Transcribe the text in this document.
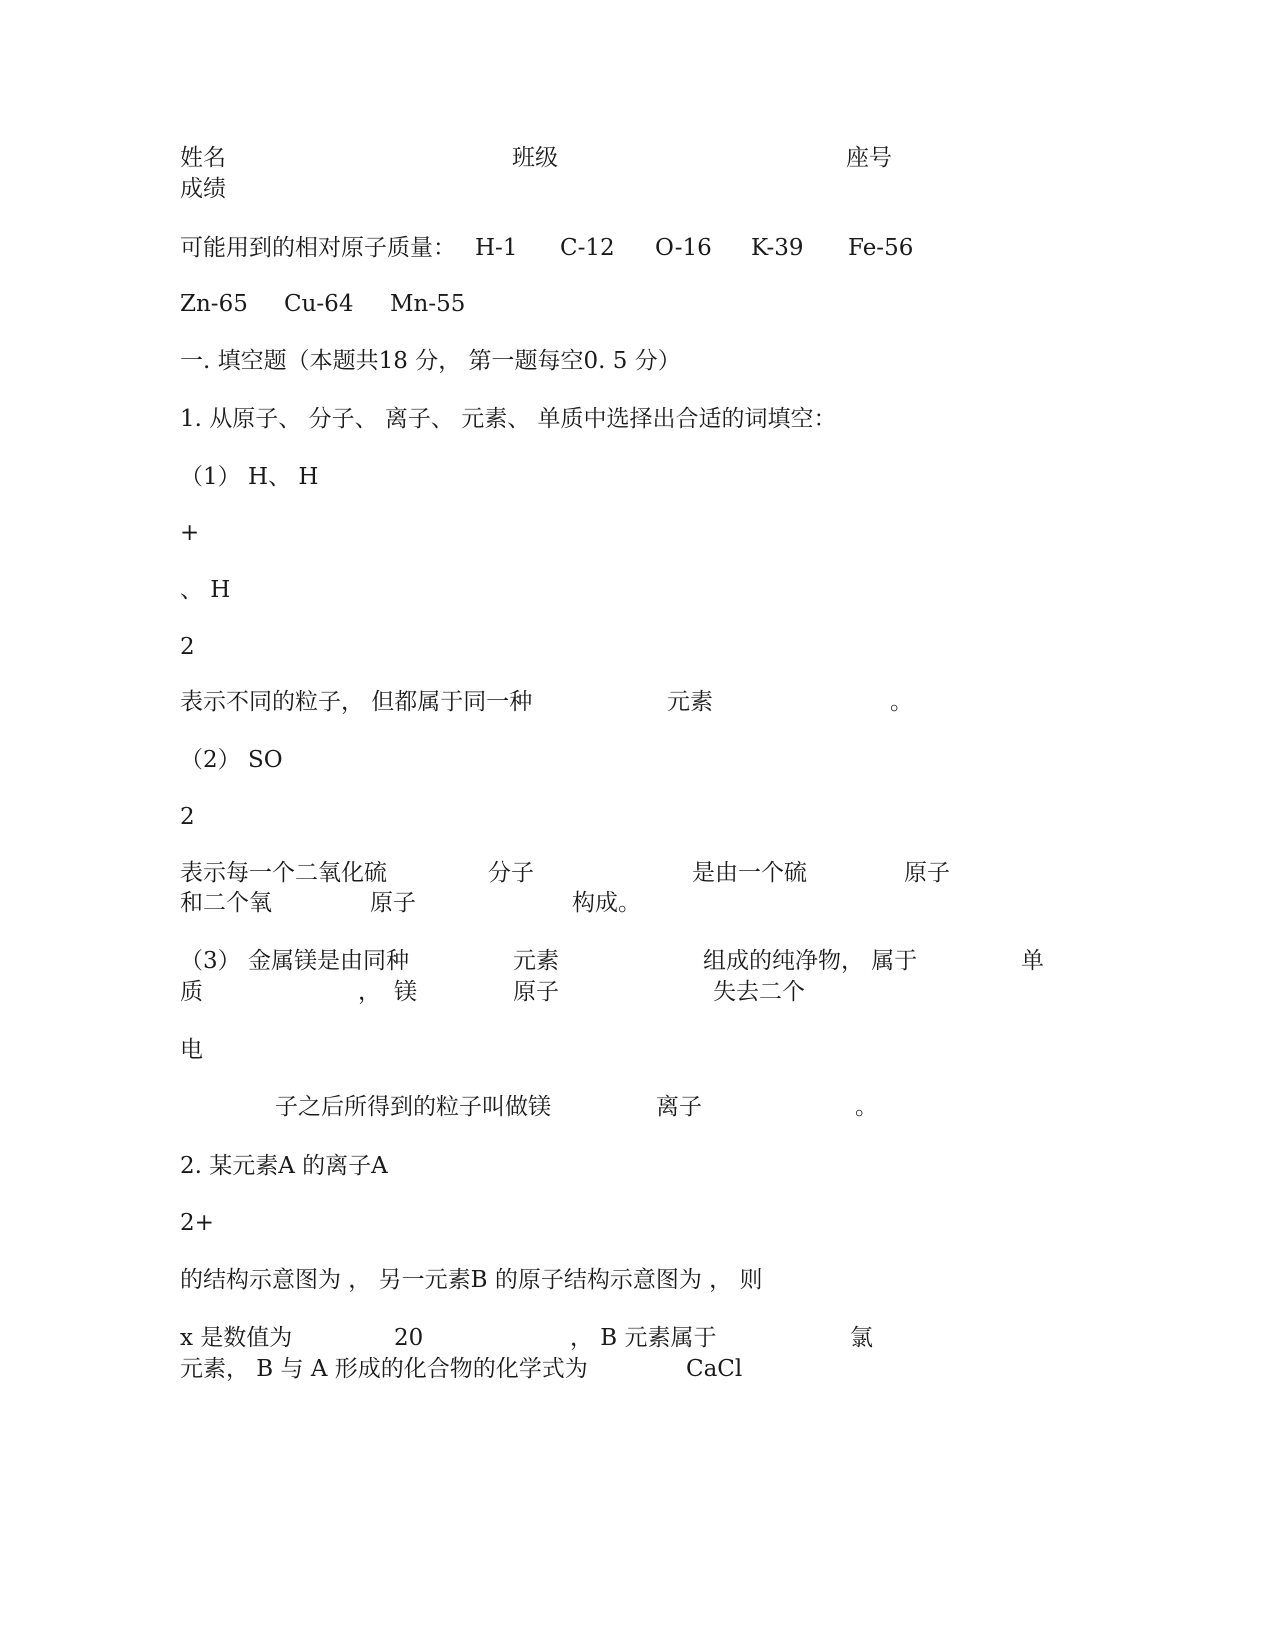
姓名	班级	座号
成绩
可能用到的相对原子质量： H-1 C-12 O-16 K-39 Fe-56
Zn-65 Cu-64 Mn-55
一. 填空题（本题共18 分， 第一题每空0. 5 分）
1. 从原子、 分子、 离子、 元素、 单质中选择出合适的词填空：
（1） H、 H
+
、 H
2
表示不同的粒子， 但都属于同一种	元素	。
（2） SO
2
表示每一个二氧化硫	分子	是由一个硫	原子
和二个氧	原子	构成。
（3） 金属镁是由同种	元素	组成的纯净物， 属于	单
质	， 镁	原子	失去二个
电
子之后所得到的粒子叫做镁	离子	。
2. 某元素A 的离子A
2+
的结构示意图为 ， 另一元素B 的原子结构示意图为 ， 则
x 是数值为	20	， B 元素属于	氯
元素， B 与 A 形成的化合物的化学式为	CaCl
